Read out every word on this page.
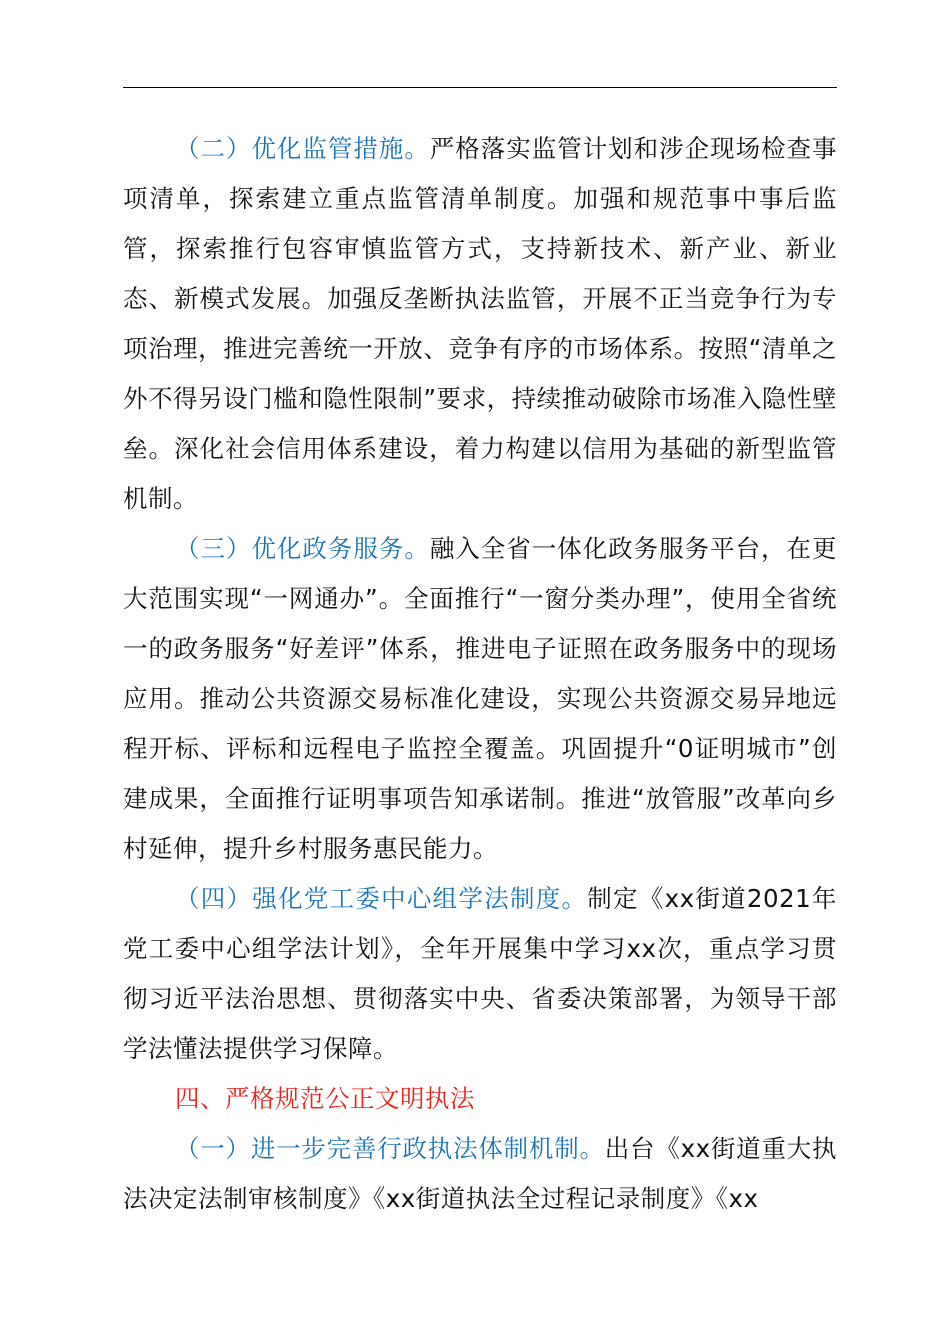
（二）优化监管措施。严格落实监管计划和涉企现场检查事项清单，探索建立重点监管清单制度。加强和规范事中事后监管，探索推行包容审慎监管方式，支持新技术、新产业、新业态、新模式发展。加强反垄断执法监管，开展不正当竞争行为专项治理，推进完善统一开放、竞争有序的市场体系。按照“清单之外不得另设门槛和隐性限制”要求，持续推动破除市场准入隐性壁垒。深化社会信用体系建设，着力构建以信用为基础的新型监管机制。

（三）优化政务服务。融入全省一体化政务服务平台，在更大范围实现“一网通办”。全面推行“一窗分类办理”，使用全省统一的政务服务“好差评”体系，推进电子证照在政务服务中的现场应用。推动公共资源交易标准化建设，实现公共资源交易异地远程开标、评标和远程电子监控全覆盖。巩固提升“0证明城市”创建成果，全面推行证明事项告知承诺制。推进“放管服”改革向乡村延伸，提升乡村服务惠民能力。

（四）强化党工委中心组学法制度。制定《xx街道2021年党工委中心组学法计划》，全年开展集中学习xx次，重点学习贯彻习近平法治思想、贯彻落实中央、省委决策部署，为领导干部学法懂法提供学习保障。

四、严格规范公正文明执法

（一）进一步完善行政执法体制机制。出台《xx街道重大执法决定法制审核制度》《xx街道执法全过程记录制度》《xx
